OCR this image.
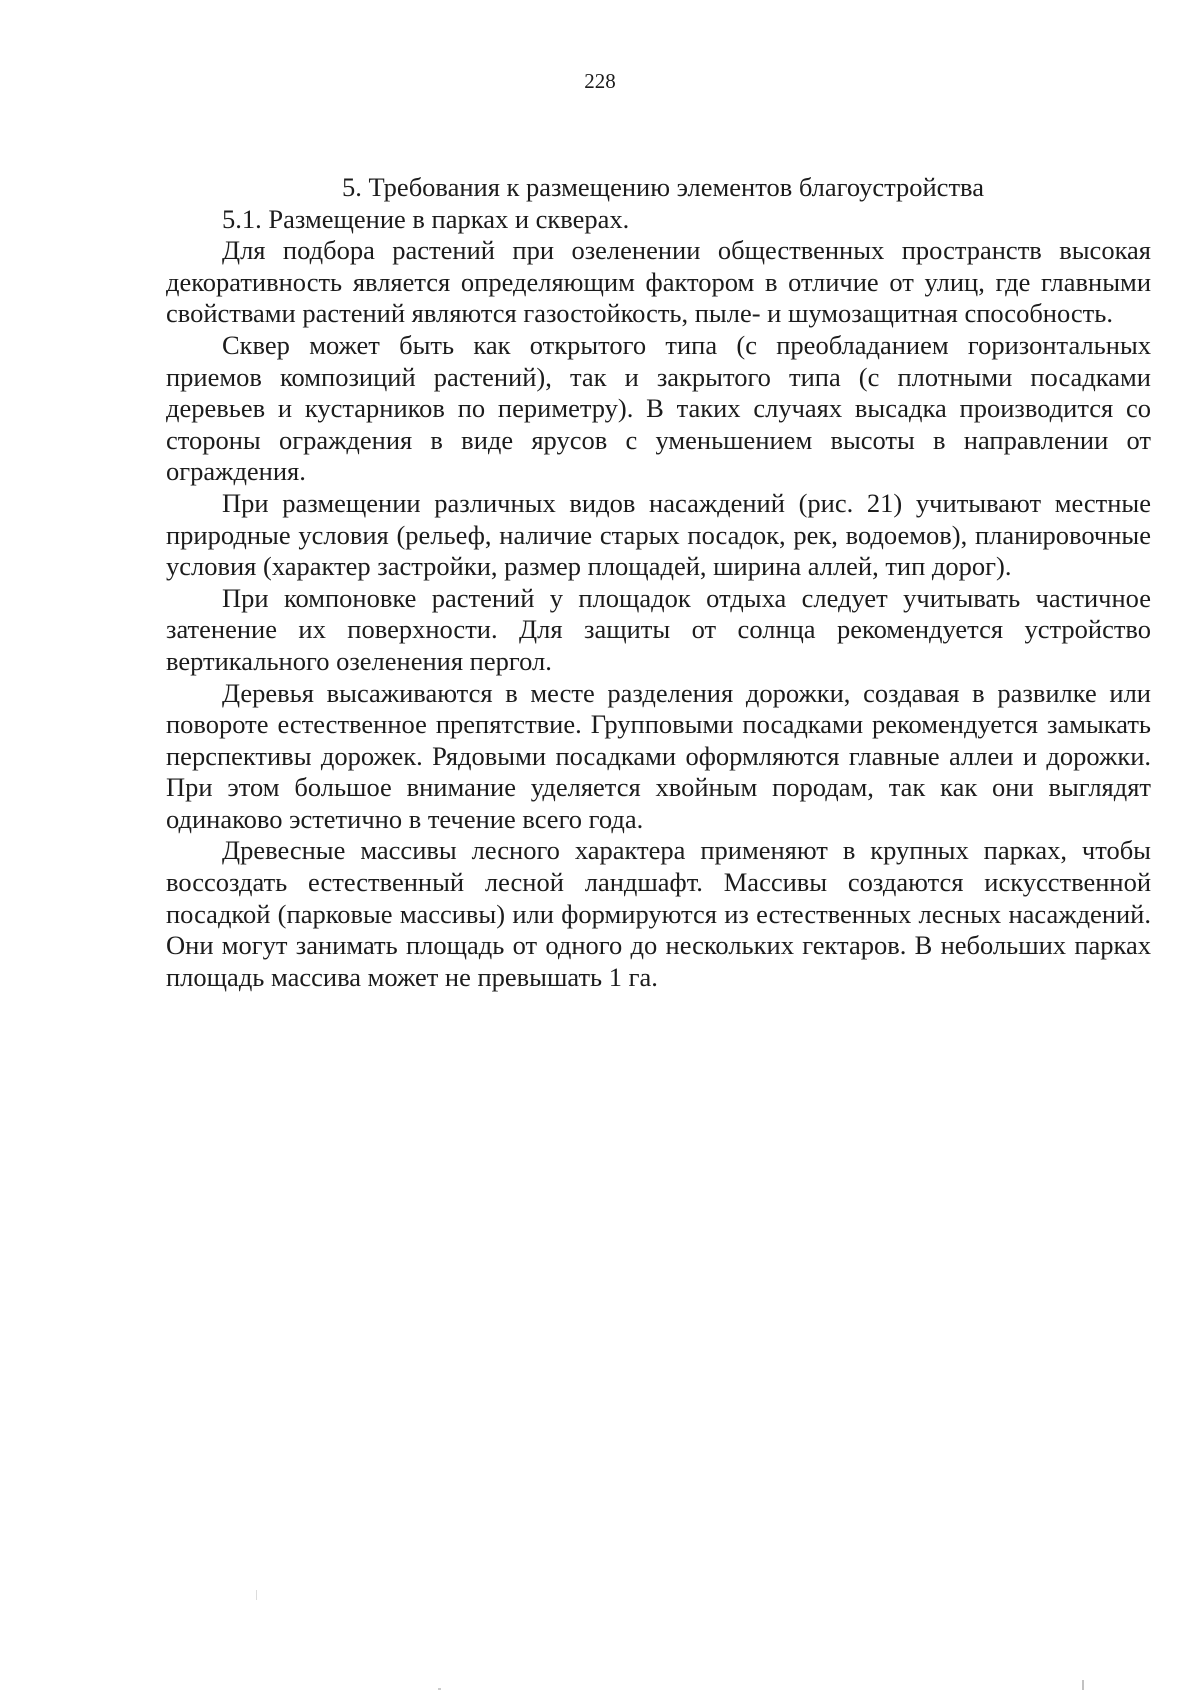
228

5. Требования к размещению элементов благоустройства

5.1. Размещение в парках и скверах.

Для подбора растений при озеленении общественных пространств высокая декоративность является определяющим фактором в отличие от улиц, где главными свойствами растений являются газостойкость, пыле- и шумозащитная способность.

Сквер может быть как открытого типа (с преобладанием горизонтальных приемов композиций растений), так и закрытого типа (с плотными посадками деревьев и кустарников по периметру). В таких случаях высадка производится со стороны ограждения в виде ярусов с уменьшением высоты в направлении от ограждения.

При размещении различных видов насаждений (рис. 21) учитывают местные природные условия (рельеф, наличие старых посадок, рек, водоемов), планировочные условия (характер застройки, размер площадей, ширина аллей, тип дорог).

При компоновке растений у площадок отдыха следует учитывать частичное затенение их поверхности. Для защиты от солнца рекомендуется устройство вертикального озеленения пергол.

Деревья высаживаются в месте разделения дорожки, создавая в развилке или повороте естественное препятствие. Групповыми посадками рекомендуется замыкать перспективы дорожек. Рядовыми посадками оформляются главные аллеи и дорожки. При этом большое внимание уделяется хвойным породам, так как они выглядят одинаково эстетично в течение всего года.

Древесные массивы лесного характера применяют в крупных парках, чтобы воссоздать естественный лесной ландшафт. Массивы создаются искусственной посадкой (парковые массивы) или формируются из естественных лесных насаждений. Они могут занимать площадь от одного до нескольких гектаров. В небольших парках площадь массива может не превышать 1 га.
